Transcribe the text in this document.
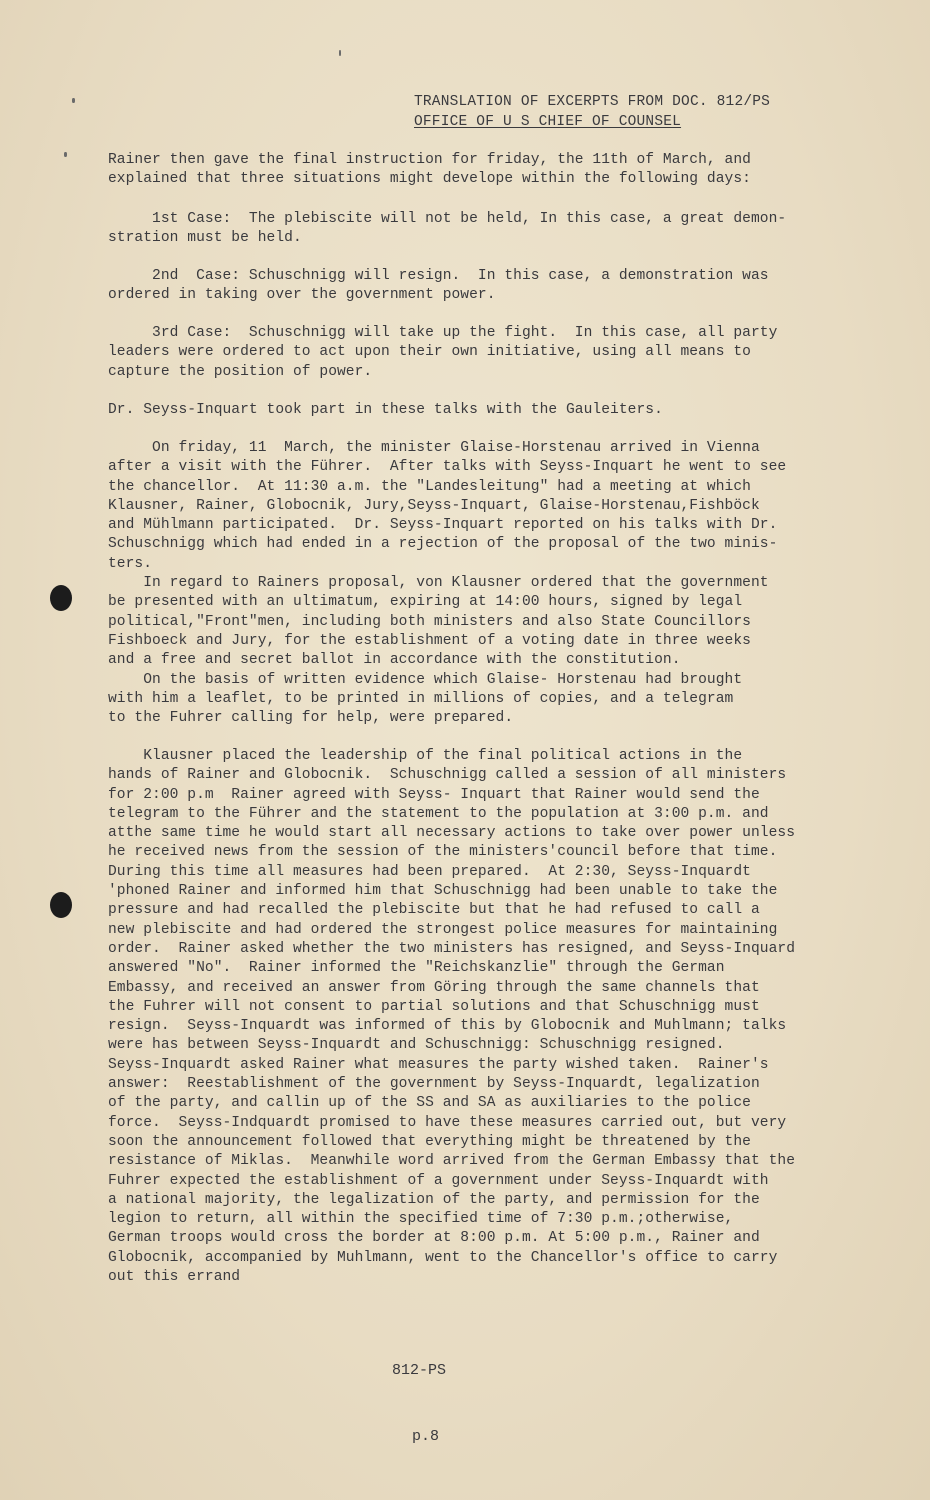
TRANSLATION OF EXCERPTS FROM DOC. 812/PS
OFFICE OF U S CHIEF OF COUNSEL
Rainer then gave the final instruction for friday, the 11th of March, and
explained that three situations might develope within the following days:
1st Case:  The plebiscite will not be held, In this case, a great demon-
stration must be held.
2nd  Case: Schuschnigg will resign.  In this case, a demonstration was
ordered in taking over the government power.
3rd Case:  Schuschnigg will take up the fight.  In this case, all party
leaders were ordered to act upon their own initiative, using all means to
capture the position of power.
Dr. Seyss-Inquart took part in these talks with the Gauleiters.
On friday, 11  March, the minister Glaise-Horstenau arrived in Vienna
after a visit with the Führer.  After talks with Seyss-Inquart he went to see
the chancellor.  At 11:30 a.m. the "Landesleitung" had a meeting at which
Klausner, Rainer, Globocnik, Jury,Seyss-Inquart, Glaise-Horstenau,Fishböck
and Mühlmann participated.  Dr. Seyss-Inquart reported on his talks with Dr.
Schuschnigg which had ended in a rejection of the proposal of the two minis-
ters.
In regard to Rainers proposal, von Klausner ordered that the government
be presented with an ultimatum, expiring at 14:00 hours, signed by legal
political,"Front"men, including both ministers and also State Councillors
Fishboeck and Jury, for the establishment of a voting date in three weeks
and a free and secret ballot in accordance with the constitution.
On the basis of written evidence which Glaise- Horstenau had brought
with him a leaflet, to be printed in millions of copies, and a telegram
to the Fuhrer calling for help, were prepared.
Klausner placed the leadership of the final political actions in the
hands of Rainer and Globocnik.  Schuschnigg called a session of all ministers
for 2:00 p.m  Rainer agreed with Seyss- Inquart that Rainer would send the
telegram to the Führer and the statement to the population at 3:00 p.m. and
atthe same time he would start all necessary actions to take over power unless
he received news from the session of the ministers'council before that time.
During this time all measures had been prepared.  At 2:30, Seyss-Inquardt
'phoned Rainer and informed him that Schuschnigg had been unable to take the
pressure and had recalled the plebiscite but that he had refused to call a
new plebiscite and had ordered the strongest police measures for maintaining
order.  Rainer asked whether the two ministers has resigned, and Seyss-Inquard
answered "No".  Rainer informed the "Reichskanzlie" through the German
Embassy, and received an answer from Göring through the same channels that
the Fuhrer will not consent to partial solutions and that Schuschnigg must
resign.  Seyss-Inquardt was informed of this by Globocnik and Muhlmann; talks
were has between Seyss-Inquardt and Schuschnigg: Schuschnigg resigned.
Seyss-Inquardt asked Rainer what measures the party wished taken.  Rainer's
answer:  Reestablishment of the government by Seyss-Inquardt, legalization
of the party, and callin up of the SS and SA as auxiliaries to the police
force.  Seyss-Indquardt promised to have these measures carried out, but very
soon the announcement followed that everything might be threatened by the
resistance of Miklas.  Meanwhile word arrived from the German Embassy that the
Fuhrer expected the establishment of a government under Seyss-Inquardt with
a national majority, the legalization of the party, and permission for the
legion to return, all within the specified time of 7:30 p.m.;otherwise,
German troops would cross the border at 8:00 p.m. At 5:00 p.m., Rainer and
Globocnik, accompanied by Muhlmann, went to the Chancellor's office to carry
out this errand

812-PS

p.8
